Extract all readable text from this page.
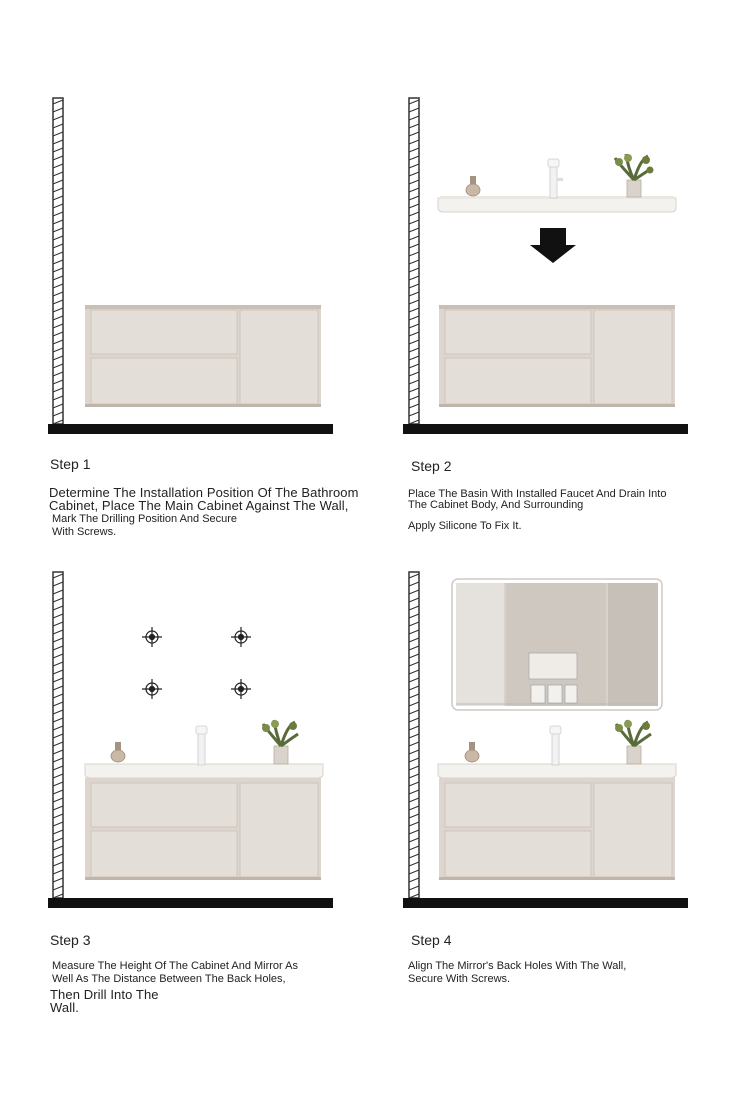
Step 1
Determine The Installation Position Of The Bathroom
Cabinet, Place The Main Cabinet Against The Wall,
Mark The Drilling Position And Secure
With Screws.
Step 2
Place The Basin With Installed Faucet And Drain Into
The Cabinet Body, And Surrounding
Apply Silicone To Fix It.
Step 3
Measure The Height Of The Cabinet And Mirror As
Well As The Distance Between The Back Holes,
Then Drill Into The
Wall.
Step 4
Align The Mirror's Back Holes With The Wall,
Secure With Screws.
